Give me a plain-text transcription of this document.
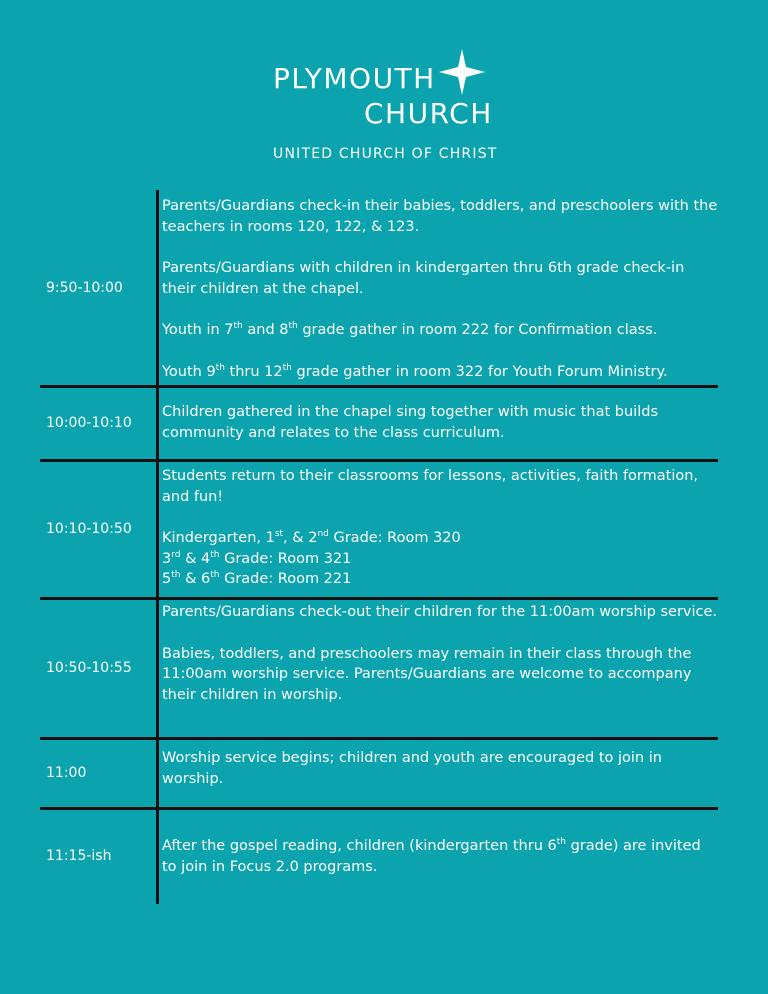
PLYMOUTH
CHURCH
UNITED CHURCH OF CHRIST
9:50-10:00

Parents/Guardians check-in their babies, toddlers, and preschoolers with the teachers in rooms 120, 122, & 123.

Parents/Guardians with children in kindergarten thru 6th grade check-in their children at the chapel.

Youth in 7th and 8th grade gather in room 222 for Confirmation class.

Youth 9th thru 12th grade gather in room 322 for Youth Forum Ministry.

10:00-10:10

Children gathered in the chapel sing together with music that builds community and relates to the class curriculum.

10:10-10:50

Students return to their classrooms for lessons, activities, faith formation, and fun!

Kindergarten, 1st, & 2nd Grade: Room 320
3rd & 4th Grade: Room 321
5th & 6th Grade: Room 221

10:50-10:55

Parents/Guardians check-out their children for the 11:00am worship service.

Babies, toddlers, and preschoolers may remain in their class through the 11:00am worship service. Parents/Guardians are welcome to accompany their children in worship.

11:00

Worship service begins; children and youth are encouraged to join in worship.

11:15-ish

After the gospel reading, children (kindergarten thru 6th grade) are invited to join in Focus 2.0 programs.
